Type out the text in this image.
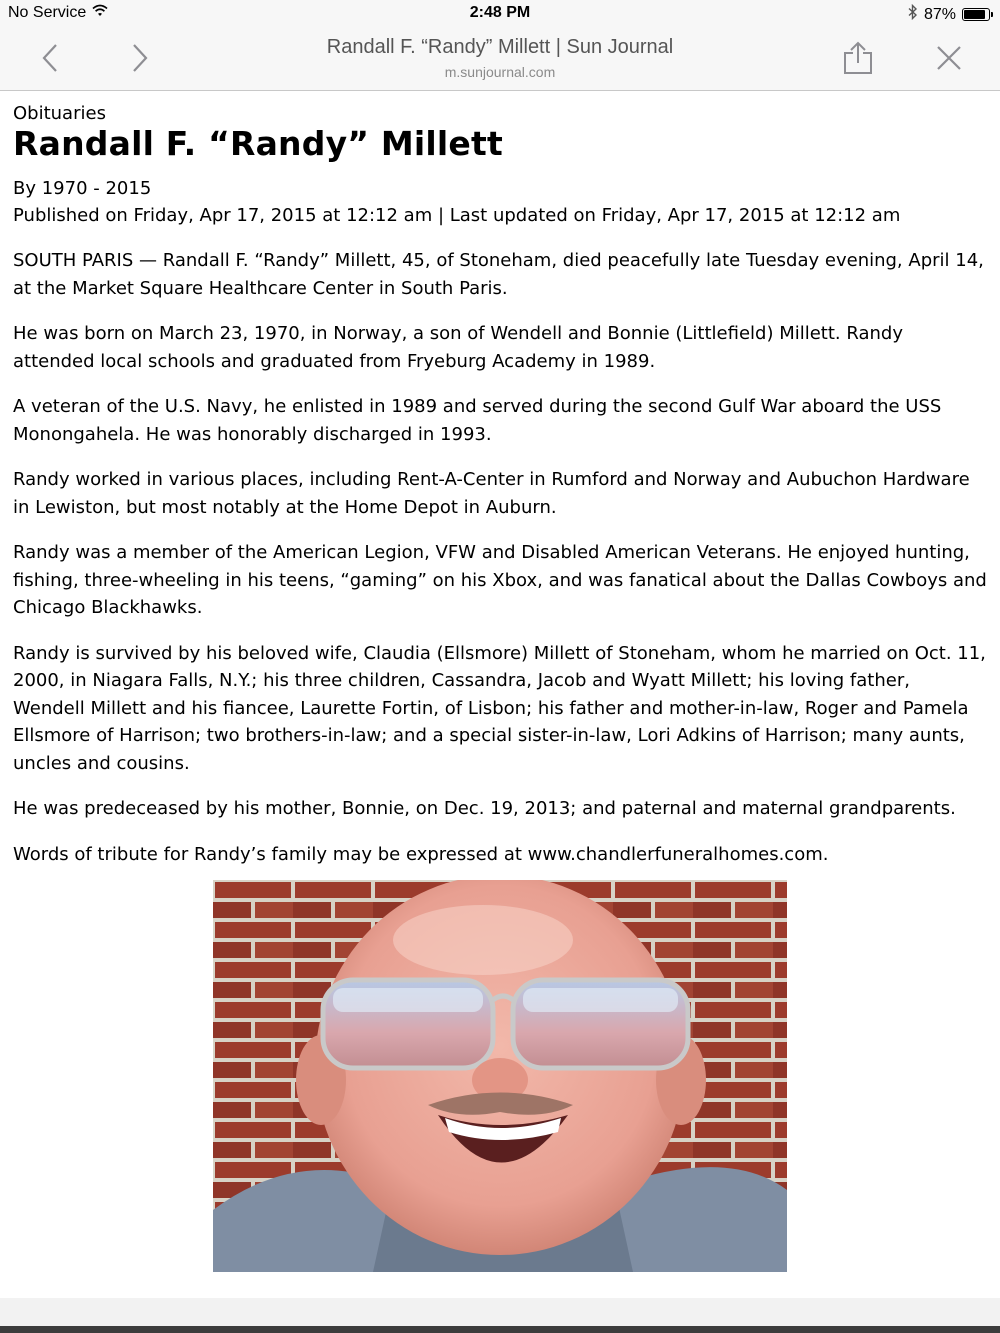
No Service	2:48 PM	87%
Randall F. “Randy” Millett | Sun Journal
m.sunjournal.com
Obituaries
Randall F. “Randy” Millett
By 1970 - 2015
Published on Friday, Apr 17, 2015 at 12:12 am | Last updated on Friday, Apr 17, 2015 at 12:12 am

SOUTH PARIS — Randall F. “Randy” Millett, 45, of Stoneham, died peacefully late Tuesday evening, April 14, at the Market Square Healthcare Center in South Paris.

He was born on March 23, 1970, in Norway, a son of Wendell and Bonnie (Littlefield) Millett. Randy attended local schools and graduated from Fryeburg Academy in 1989.

A veteran of the U.S. Navy, he enlisted in 1989 and served during the second Gulf War aboard the USS Monongahela. He was honorably discharged in 1993.

Randy worked in various places, including Rent-A-Center in Rumford and Norway and Aubuchon Hardware in Lewiston, but most notably at the Home Depot in Auburn.

Randy was a member of the American Legion, VFW and Disabled American Veterans. He enjoyed hunting, fishing, three-wheeling in his teens, “gaming” on his Xbox, and was fanatical about the Dallas Cowboys and Chicago Blackhawks.

Randy is survived by his beloved wife, Claudia (Ellsmore) Millett of Stoneham, whom he married on Oct. 11, 2000, in Niagara Falls, N.Y.; his three children, Cassandra, Jacob and Wyatt Millett; his loving father, Wendell Millett and his fiancee, Laurette Fortin, of Lisbon; his father and mother-in-law, Roger and Pamela Ellsmore of Harrison; two brothers-in-law; and a special sister-in-law, Lori Adkins of Harrison; many aunts, uncles and cousins.

He was predeceased by his mother, Bonnie, on Dec. 19, 2013; and paternal and maternal grandparents.

Words of tribute for Randy’s family may be expressed at www.chandlerfuneralhomes.com.
